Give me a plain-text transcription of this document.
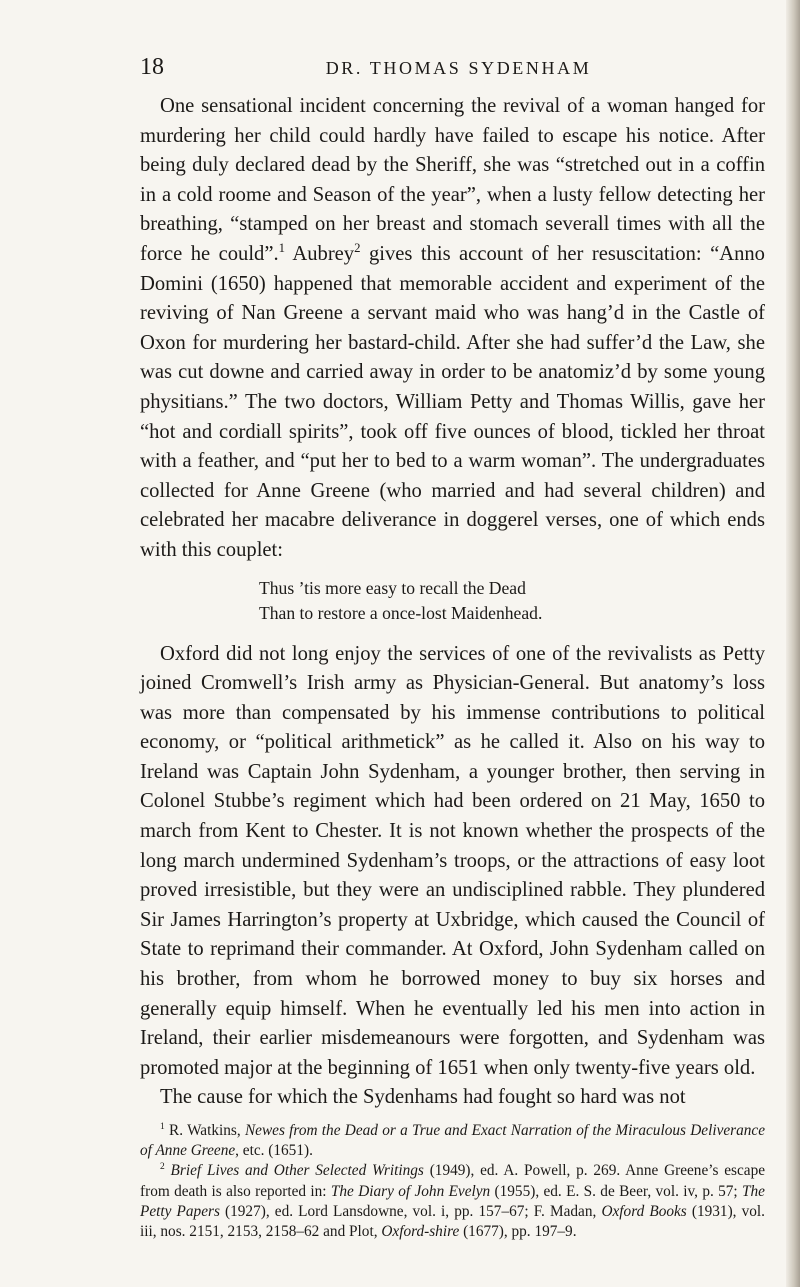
18	DR. THOMAS SYDENHAM

One sensational incident concerning the revival of a woman hanged for murdering her child could hardly have failed to escape his notice. After being duly declared dead by the Sheriff, she was “stretched out in a coffin in a cold roome and Season of the year”, when a lusty fellow detecting her breathing, “stamped on her breast and stomach severall times with all the force he could”.$^1$ Aubrey$^2$ gives this account of her resuscitation: “Anno Domini (1650) happened that memorable accident and experiment of the reviving of Nan Greene a servant maid who was hang’d in the Castle of Oxon for murdering her bastard-child. After she had suffer’d the Law, she was cut downe and carried away in order to be anatomiz’d by some young physitians.” The two doctors, William Petty and Thomas Willis, gave her “hot and cordiall spirits”, took off five ounces of blood, tickled her throat with a feather, and “put her to bed to a warm woman”. The undergraduates collected for Anne Greene (who married and had several children) and celebrated her macabre deliverance in doggerel verses, one of which ends with this couplet:

Thus ’tis more easy to recall the Dead
Than to restore a once-lost Maidenhead.

Oxford did not long enjoy the services of one of the revivalists as Petty joined Cromwell’s Irish army as Physician-General. But anatomy’s loss was more than compensated by his immense contributions to political economy, or “political arithmetick” as he called it. Also on his way to Ireland was Captain John Sydenham, a younger brother, then serving in Colonel Stubbe’s regiment which had been ordered on 21 May, 1650 to march from Kent to Chester. It is not known whether the prospects of the long march undermined Sydenham’s troops, or the attractions of easy loot proved irresistible, but they were an undisciplined rabble. They plundered Sir James Harrington’s property at Uxbridge, which caused the Council of State to reprimand their commander. At Oxford, John Sydenham called on his brother, from whom he borrowed money to buy six horses and generally equip himself. When he eventually led his men into action in Ireland, their earlier misdemeanours were forgotten, and Sydenham was promoted major at the beginning of 1651 when only twenty-five years old.

The cause for which the Sydenhams had fought so hard was not

$^1$ R. Watkins, Newes from the Dead or a True and Exact Narration of the Miraculous Deliverance of Anne Greene, etc. (1651).

$^2$ Brief Lives and Other Selected Writings (1949), ed. A. Powell, p. 269. Anne Greene’s escape from death is also reported in: The Diary of John Evelyn (1955), ed. E. S. de Beer, vol. iv, p. 57; The Petty Papers (1927), ed. Lord Lansdowne, vol. i, pp. 157–67; F. Madan, Oxford Books (1931), vol. iii, nos. 2151, 2153, 2158–62 and Plot, Oxford-shire (1677), pp. 197–9.
